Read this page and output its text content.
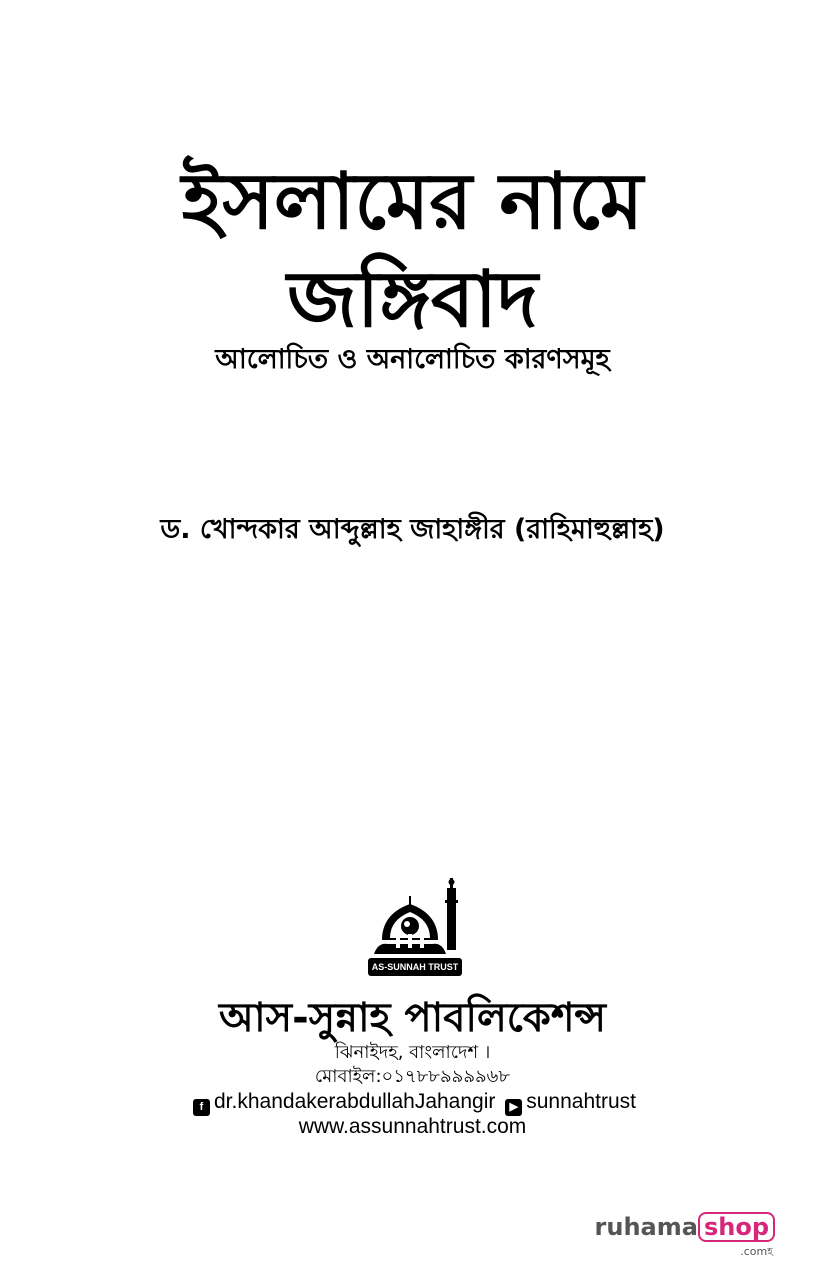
ইসলামের নামে
জঙ্গিবাদ
আলোচিত ও অনালোচিত কারণসমূহ
ড. খোন্দকার আব্দুল্লাহ জাহাঙ্গীর (রাহিমাহুল্লাহ)
AS-SUNNAH TRUST
আস-সুন্নাহ পাবলিকেশন্স
ঝিনাইদহ, বাংলাদেশ ।
মোবাইল:০১৭৮৮৯৯৯৯৬৮
f dr.khandakerabdullahJahangir ▶ sunnahtrust
www.assunnahtrust.com
ruhama shop
.comহ
